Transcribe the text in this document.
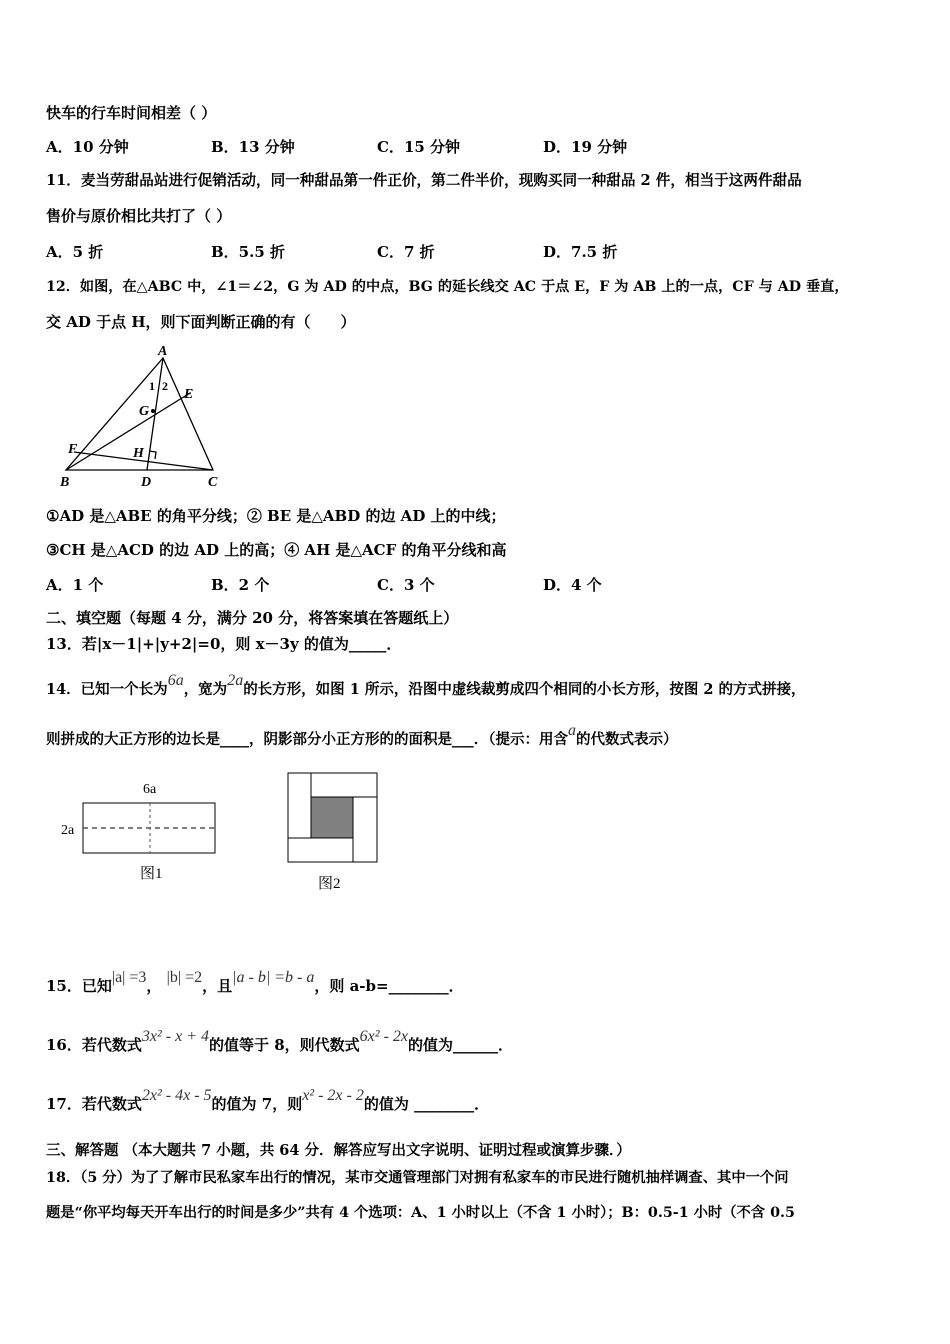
快车的行车时间相差（ ）
A．10 分钟	B．13 分钟	C．15 分钟	D．19 分钟
11．麦当劳甜品站进行促销活动，同一种甜品第一件正价，第二件半价，现购买同一种甜品 2 件，相当于这两件甜品
售价与原价相比共打了（ ）
A．5 折	B．5.5 折	C．7 折	D．7.5 折
12．如图，在△ABC 中，∠1＝∠2，G 为 AD 的中点，BG 的延长线交 AC 于点 E，F 为 AB 上的一点，CF 与 AD 垂直，
交 AD 于点 H，则下面判断正确的有（　　）
A
B	C
D
E
F
G
H
1 2
①AD 是△ABE 的角平分线；② BE 是△ABD 的边 AD 上的中线；
③CH 是△ACD 的边 AD 上的高；④ AH 是△ACF 的角平分线和高
A．1 个	B．2 个	C．3 个	D．4 个
二、填空题（每题 4 分，满分 20 分，将答案填在答题纸上）
13．若|x－1|+|y+2|=0，则 x－3y 的值为_____．
14．已知一个长为6a，宽为2a的长方形，如图 1 所示，沿图中虚线裁剪成四个相同的小长方形，按图 2 的方式拼接，
则拼成的大正方形的边长是____，阴影部分小正方形的的面积是___．（提示：用含a的代数式表示）
6a
2a
图1
图2
15．已知|a| =3， |b| =2，且|a - b| =b - a，则 a-b=________．
16．若代数式3x² - x + 4的值等于 8，则代数式6x² - 2x的值为______．
17．若代数式2x² - 4x - 5的值为 7，则x² - 2x - 2的值为 ________．
三、解答题 （本大题共 7 小题，共 64 分．解答应写出文字说明、证明过程或演算步骤．）
18．（5 分）为了了解市民私家车出行的情况，某市交通管理部门对拥有私家车的市民进行随机抽样调查、其中一个问
题是“你平均每天开车出行的时间是多少”共有 4 个选项：A、1 小时以上（不含 1 小时）；B：0.5-1 小时（不含 0.5
